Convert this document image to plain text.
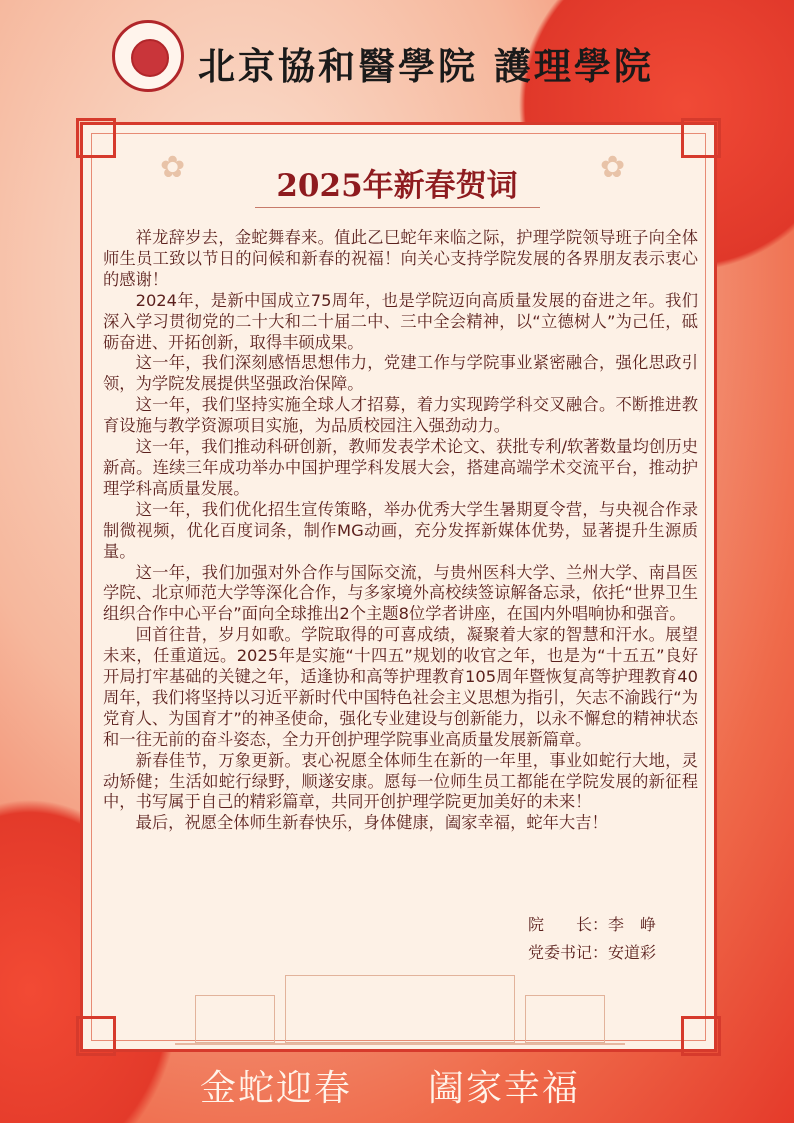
北京協和醫學院 護理學院
✿	✿
2025年新春贺词

祥龙辞岁去，金蛇舞春来。值此乙巳蛇年来临之际，护理学院领导班子向全体师生员工致以节日的问候和新春的祝福！向关心支持学院发展的各界朋友表示衷心的感谢！

2024年，是新中国成立75周年，也是学院迈向高质量发展的奋进之年。我们深入学习贯彻党的二十大和二十届二中、三中全会精神，以“立德树人”为己任，砥砺奋进、开拓创新，取得丰硕成果。

这一年，我们深刻感悟思想伟力，党建工作与学院事业紧密融合，强化思政引领，为学院发展提供坚强政治保障。

这一年，我们坚持实施全球人才招募，着力实现跨学科交叉融合。不断推进教育设施与教学资源项目实施，为品质校园注入强劲动力。

这一年，我们推动科研创新，教师发表学术论文、获批专利/软著数量均创历史新高。连续三年成功举办中国护理学科发展大会，搭建高端学术交流平台，推动护理学科高质量发展。

这一年，我们优化招生宣传策略，举办优秀大学生暑期夏令营，与央视合作录制微视频，优化百度词条，制作MG动画，充分发挥新媒体优势，显著提升生源质量。

这一年，我们加强对外合作与国际交流，与贵州医科大学、兰州大学、南昌医学院、北京师范大学等深化合作，与多家境外高校续签谅解备忘录，依托“世界卫生组织合作中心平台”面向全球推出2个主题8位学者讲座，在国内外唱响协和强音。

回首往昔，岁月如歌。学院取得的可喜成绩，凝聚着大家的智慧和汗水。展望未来，任重道远。2025年是实施“十四五”规划的收官之年，也是为“十五五”良好开局打牢基础的关键之年，适逢协和高等护理教育105周年暨恢复高等护理教育40周年，我们将坚持以习近平新时代中国特色社会主义思想为指引，矢志不渝践行“为党育人、为国育才”的神圣使命，强化专业建设与创新能力，以永不懈怠的精神状态和一往无前的奋斗姿态，全力开创护理学院事业高质量发展新篇章。

新春佳节，万象更新。衷心祝愿全体师生在新的一年里，事业如蛇行大地，灵动矫健；生活如蛇行绿野，顺遂安康。愿每一位师生员工都能在学院发展的新征程中，书写属于自己的精彩篇章，共同开创护理学院更加美好的未来！

最后，祝愿全体师生新春快乐，身体健康，阖家幸福，蛇年大吉！

院　　长：李　峥
党委书记：安道彩
金蛇迎春　　阖家幸福
